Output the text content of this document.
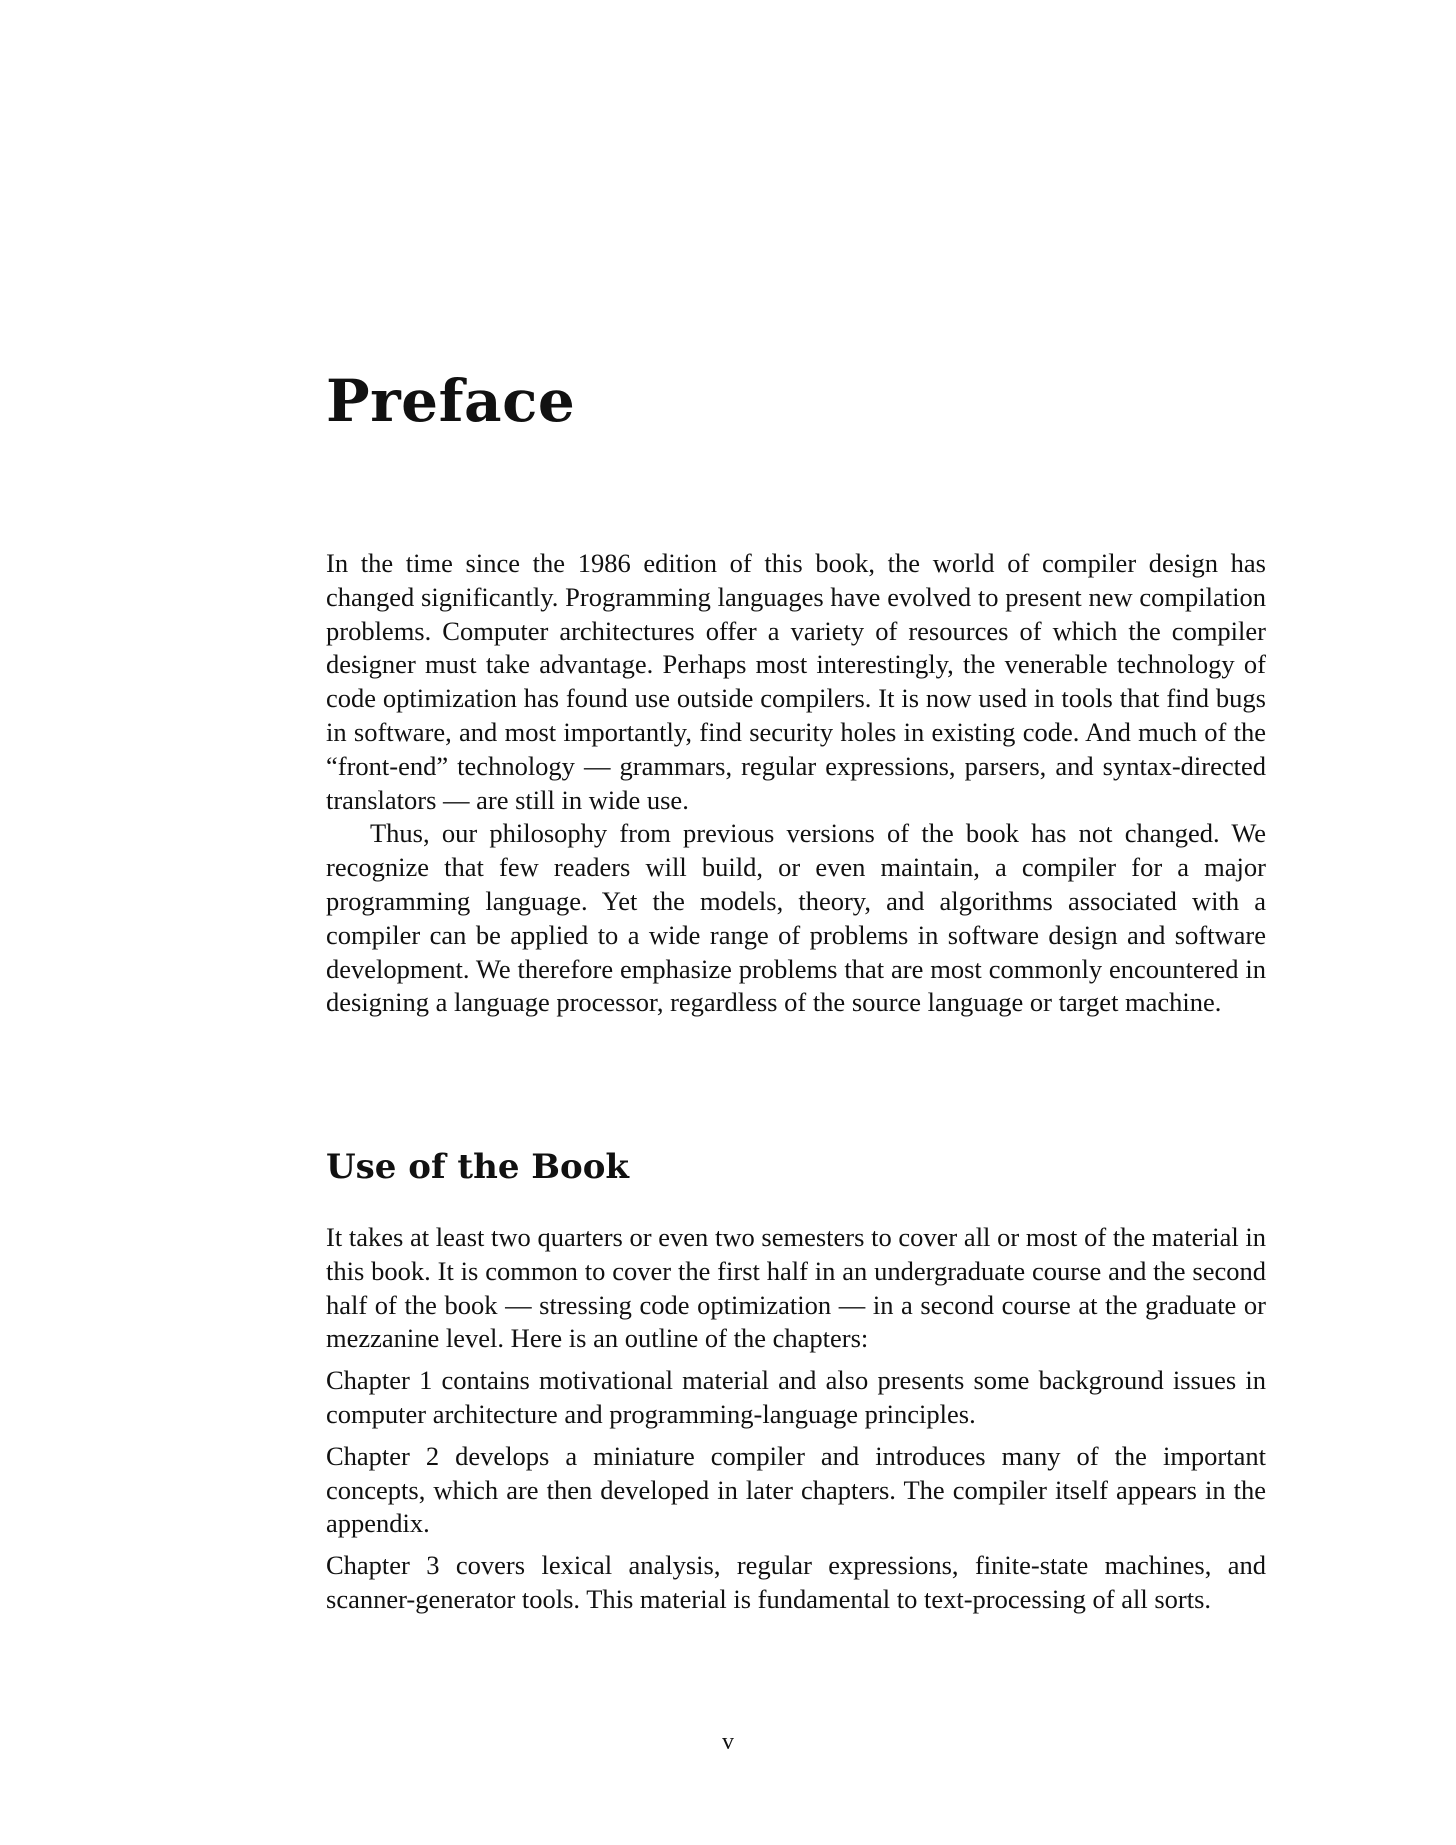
Preface

In the time since the 1986 edition of this book, the world of compiler design has changed significantly. Programming languages have evolved to present new compilation problems. Computer architectures offer a variety of resources of which the compiler designer must take advantage. Perhaps most interestingly, the venerable technology of code optimization has found use outside compilers. It is now used in tools that find bugs in software, and most importantly, find security holes in existing code. And much of the “front-end” technology — grammars, regular expressions, parsers, and syntax-directed translators — are still in wide use.

Thus, our philosophy from previous versions of the book has not changed. We recognize that few readers will build, or even maintain, a compiler for a major programming language. Yet the models, theory, and algorithms associated with a compiler can be applied to a wide range of problems in software design and software development. We therefore emphasize problems that are most commonly encountered in designing a language processor, regardless of the source language or target machine.

Use of the Book

It takes at least two quarters or even two semesters to cover all or most of the material in this book. It is common to cover the first half in an undergraduate course and the second half of the book — stressing code optimization — in a second course at the graduate or mezzanine level. Here is an outline of the chapters:

Chapter 1 contains motivational material and also presents some background issues in computer architecture and programming-language principles.

Chapter 2 develops a miniature compiler and introduces many of the important concepts, which are then developed in later chapters. The compiler itself appears in the appendix.

Chapter 3 covers lexical analysis, regular expressions, finite-state machines, and scanner-generator tools. This material is fundamental to text-processing of all sorts.

v
